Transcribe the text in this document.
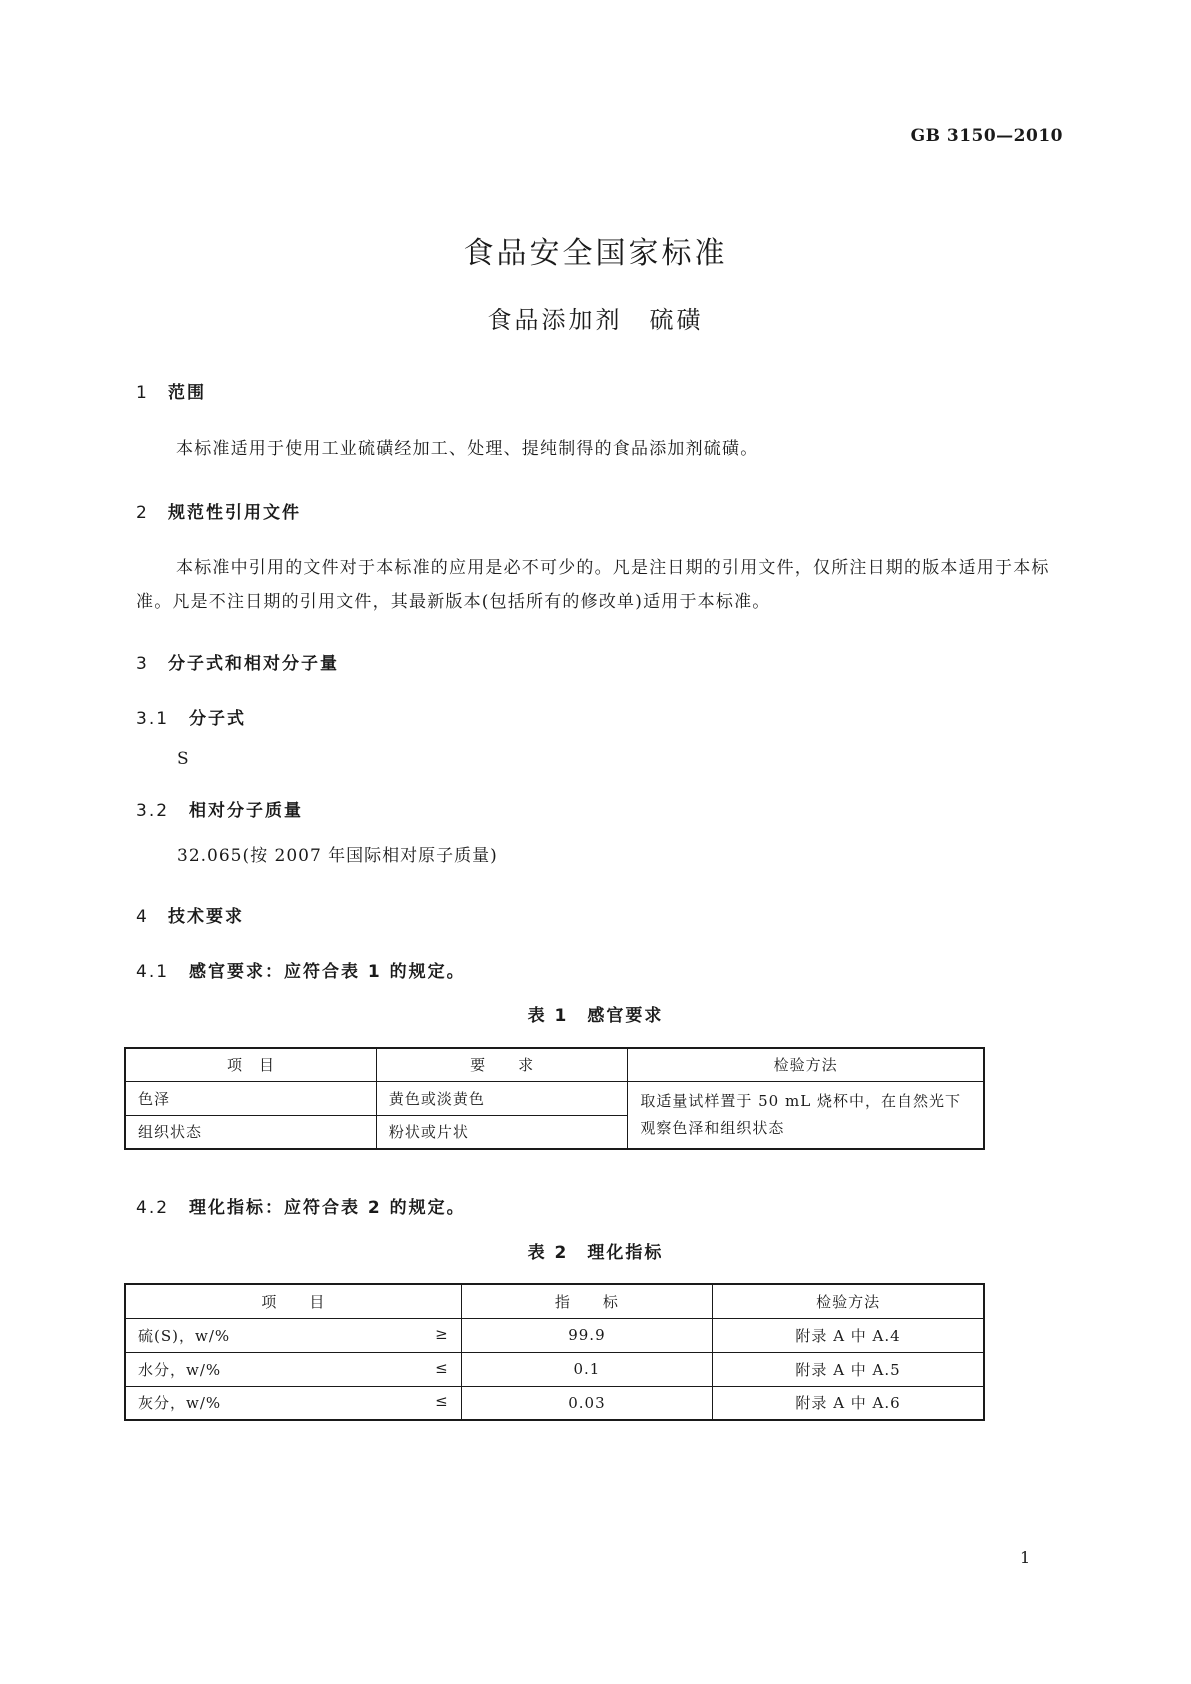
GB 3150—2010
食品安全国家标准
食品添加剂　硫磺
1 范围
本标准适用于使用工业硫磺经加工、处理、提纯制得的食品添加剂硫磺。
2 规范性引用文件
本标准中引用的文件对于本标准的应用是必不可少的。凡是注日期的引用文件，仅所注日期的版本适用于本标准。凡是不注日期的引用文件，其最新版本(包括所有的修改单)适用于本标准。
3 分子式和相对分子量
3.1 分子式
S
3.2 相对分子质量
32.065(按 2007 年国际相对原子质量)
4 技术要求
4.1 感官要求：应符合表 1 的规定。
表 1　感官要求
项　目	要　　求	检验方法
色泽	黄色或淡黄色	取适量试样置于 50 mL 烧杯中，在自然光下观察色泽和组织状态
组织状态	粉状或片状	
4.2 理化指标：应符合表 2 的规定。
表 2　理化指标
项　　目	指　　标	检验方法

硫(S)，w/% ≥	99.9	附录 A 中 A.4

水分，w/% ≤	0.1	附录 A 中 A.5

灰分，w/% ≤	0.03	附录 A 中 A.6
1
